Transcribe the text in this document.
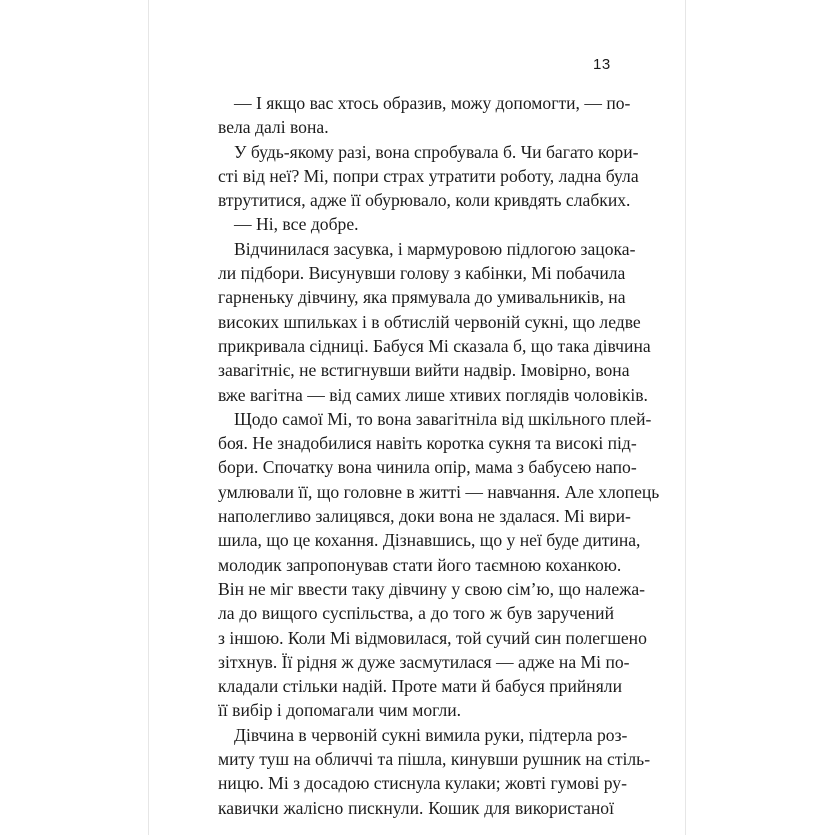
13
— І якщо вас хтось образив, можу допомогти, — по-
вела далі вона.
У будь-якому разі, вона спробувала б. Чи багато кори-
сті від неї? Мі, попри страх утратити роботу, ладна була
втрутитися, адже її обурювало, коли кривдять слабких.
— Ні, все добре.
Відчинилася засувка, і мармуровою підлогою зацока-
ли підбори. Висунувши голову з кабінки, Мі побачила
гарненьку дівчину, яка прямувала до умивальників, на
високих шпильках і в обтислій червоній сукні, що ледве
прикривала сідниці. Бабуся Мі сказала б, що така дівчина
завагітніє, не встигнувши вийти надвір. Імовірно, вона
вже вагітна — від самих лише хтивих поглядів чоловіків.
Щодо самої Мі, то вона завагітніла від шкільного плей-
боя. Не знадобилися навіть коротка сукня та високі під-
бори. Спочатку вона чинила опір, мама з бабусею напо-
умлювали її, що головне в житті — навчання. Але хлопець
наполегливо залицявся, доки вона не здалася. Мі вири-
шила, що це кохання. Дізнавшись, що у неї буде дитина,
молодик запропонував стати його таємною коханкою.
Він не міг ввести таку дівчину у свою сім’ю, що належа-
ла до вищого суспільства, а до того ж був заручений
з іншою. Коли Мі відмовилася, той сучий син полегшено
зітхнув. Її рідня ж дуже засмутилася — адже на Мі по-
кладали стільки надій. Проте мати й бабуся прийняли
її вибір і допомагали чим могли.
Дівчина в червоній сукні вимила руки, підтерла роз-
миту туш на обличчі та пішла, кинувши рушник на стіль-
ницю. Мі з досадою стиснула кулаки; жовті гумові ру-
кавички жалісно пискнули. Кошик для використаної
